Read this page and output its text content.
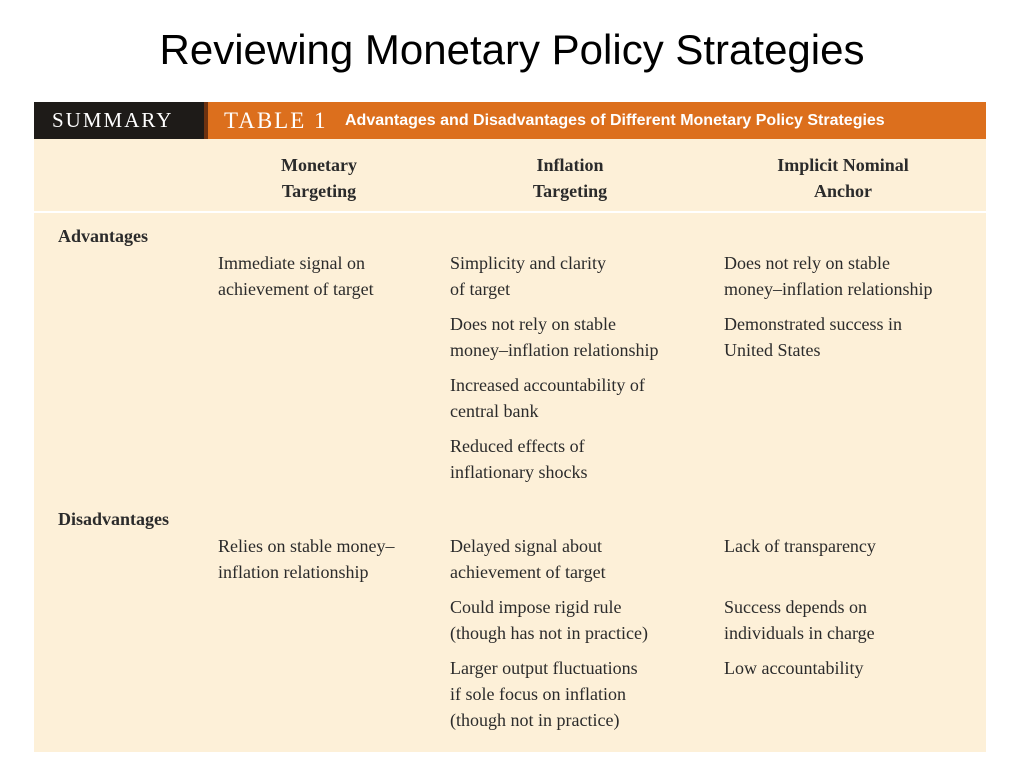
Reviewing Monetary Policy Strategies
SUMMARY	TABLE 1 Advantages and Disadvantages of Different Monetary Policy Strategies
Monetary
Targeting
Inflation
Targeting
Implicit Nominal
Anchor
Advantages
Immediate signal on
achievement of target
Simplicity and clarity
of target
Does not rely on stable
money–inflation relationship
Increased accountability of
central bank
Reduced effects of
inflationary shocks
Does not rely on stable
money–inflation relationship
Demonstrated success in
United States
Disadvantages
Relies on stable money–
inflation relationship
Delayed signal about
achievement of target
Could impose rigid rule
(though has not in practice)
Larger output fluctuations
if sole focus on inflation
(though not in practice)
Lack of transparency
Success depends on
individuals in charge
Low accountability
